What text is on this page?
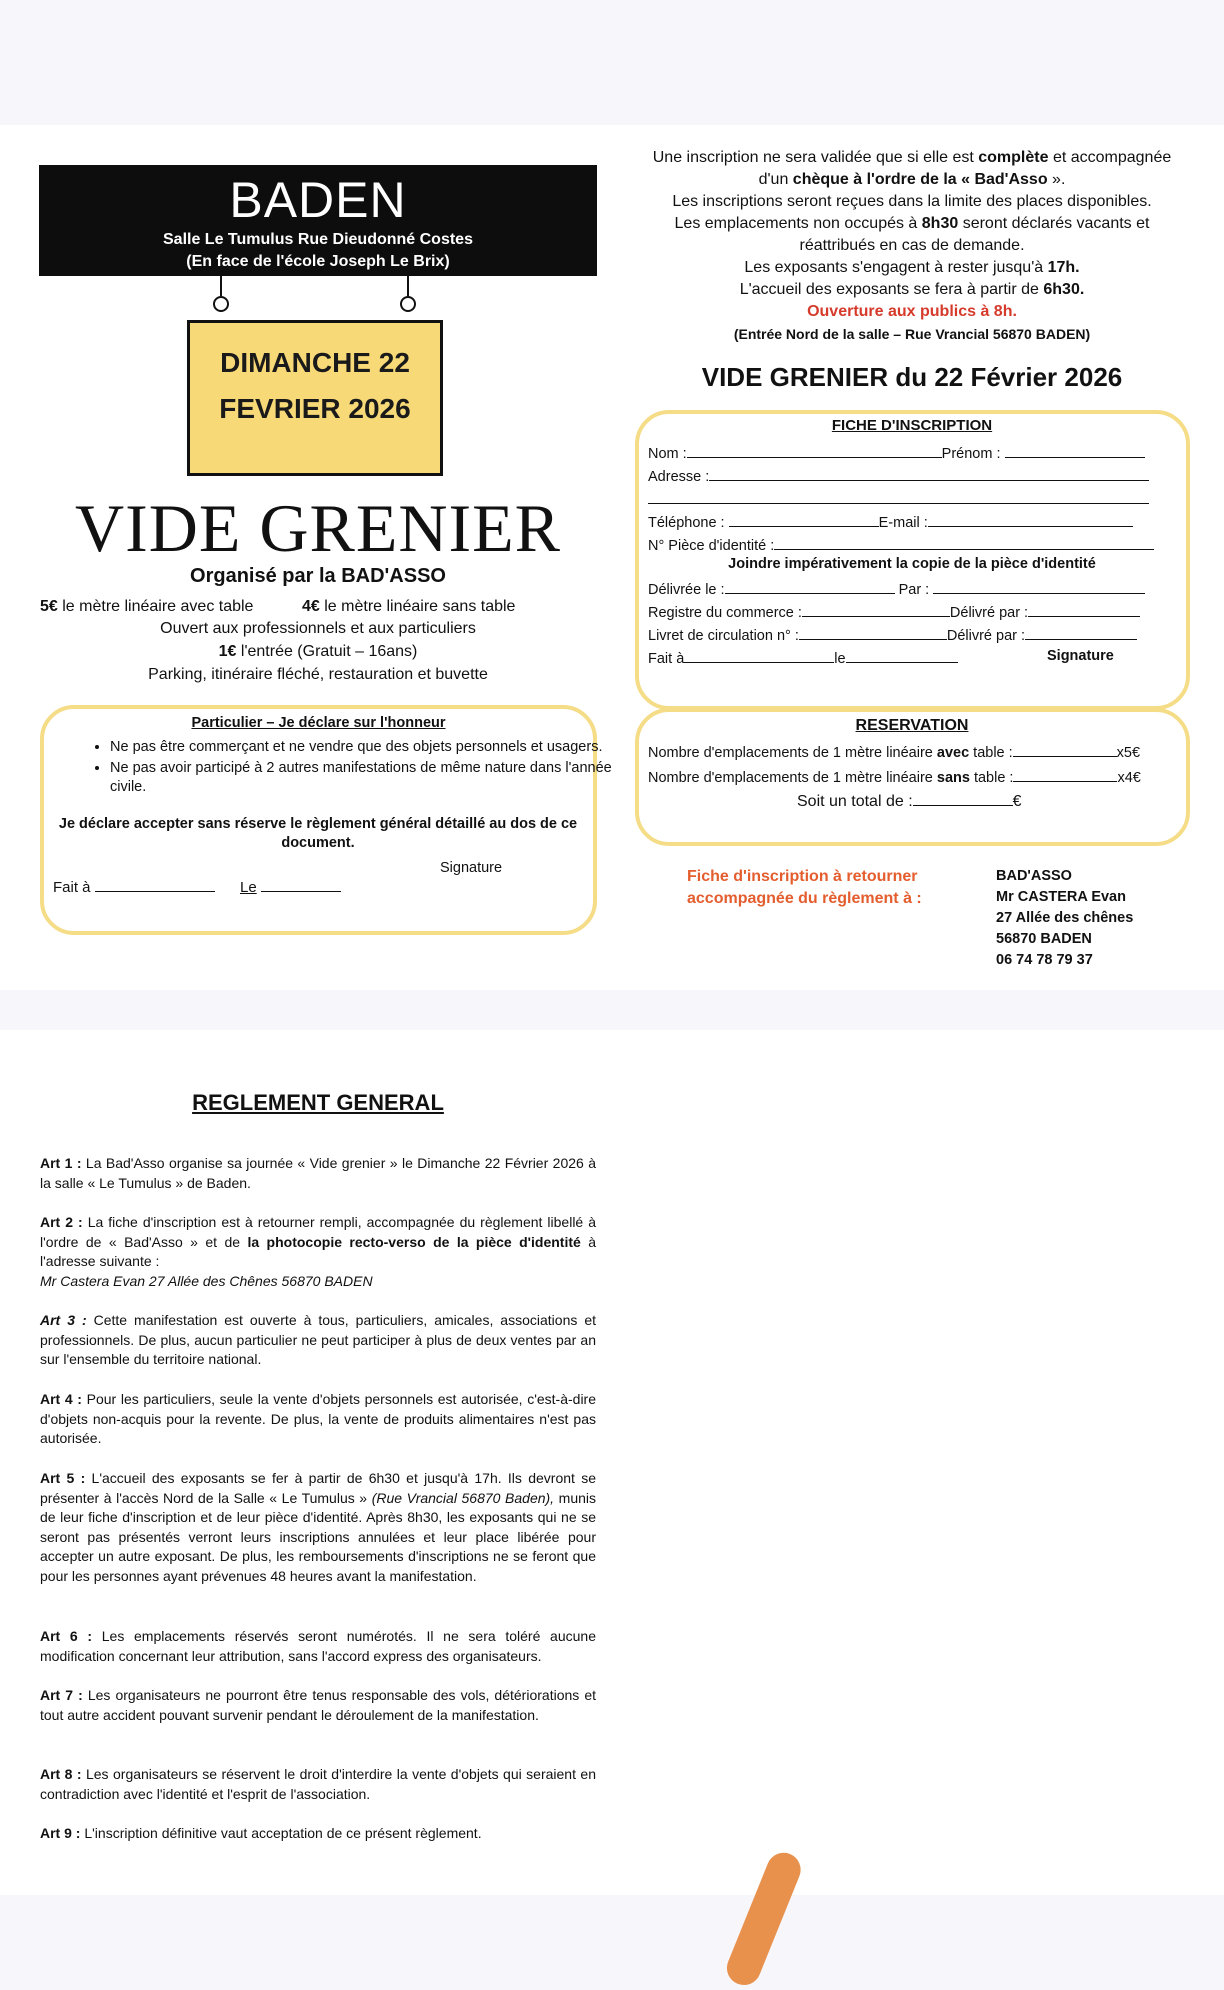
BADEN
Salle Le Tumulus Rue Dieudonné Costes
(En face de l'école Joseph Le Brix)
DIMANCHE 22
FEVRIER 2026
VIDE GRENIER
Organisé par la BAD'ASSO
5€ le mètre linéaire avec table	4€ le mètre linéaire sans table
Ouvert aux professionnels et aux particuliers
1€ l'entrée (Gratuit – 16ans)
Parking, itinéraire fléché, restauration et buvette
Particulier – Je déclare sur l'honneur
• Ne pas être commerçant et ne vendre que des objets personnels et usagers.
• Ne pas avoir participé à 2 autres manifestations de même nature dans l'année civile.
Je déclare accepter sans réserve le règlement général détaillé au dos de ce document.
Signature
Fait à	Le
Une inscription ne sera validée que si elle est complète et accompagnée
d'un chèque à l'ordre de la « Bad'Asso ».
Les inscriptions seront reçues dans la limite des places disponibles.
Les emplacements non occupés à 8h30 seront déclarés vacants et
réattribués en cas de demande.
Les exposants s'engagent à rester jusqu'à 17h.
L'accueil des exposants se fera à partir de 6h30.
Ouverture aux publics à 8h.
(Entrée Nord de la salle – Rue Vrancial 56870 BADEN)
VIDE GRENIER du 22 Février 2026
FICHE D'INSCRIPTION
Nom :	Prénom :
Adresse :
Téléphone :	E-mail :
N° Pièce d'identité :
Joindre impérativement la copie de la pièce d'identité
Délivrée le :	Par :
Registre du commerce :	Délivré par :
Livret de circulation n° :	Délivré par :
Fait à	le	Signature
RESERVATION
Nombre d'emplacements de 1 mètre linéaire avec table :	x5€
Nombre d'emplacements de 1 mètre linéaire sans table :	x4€
Soit un total de :	€
Fiche d'inscription à retourner
accompagnée du règlement à :
BAD'ASSO
Mr CASTERA Evan
27 Allée des chênes
56870 BADEN
06 74 78 79 37
REGLEMENT GENERAL

Art 1 : La Bad'Asso organise sa journée « Vide grenier » le Dimanche 22 Février 2026 à la salle « Le Tumulus » de Baden.

Art 2 : La fiche d'inscription est à retourner rempli, accompagnée du règlement libellé à l'ordre de « Bad'Asso » et de la photocopie recto-verso de la pièce d'identité à l'adresse suivante :
Mr Castera Evan 27 Allée des Chênes 56870 BADEN

Art 3 : Cette manifestation est ouverte à tous, particuliers, amicales, associations et professionnels. De plus, aucun particulier ne peut participer à plus de deux ventes par an sur l'ensemble du territoire national.

Art 4 : Pour les particuliers, seule la vente d'objets personnels est autorisée, c'est-à-dire d'objets non-acquis pour la revente. De plus, la vente de produits alimentaires n'est pas autorisée.

Art 5 : L'accueil des exposants se fer à partir de 6h30 et jusqu'à 17h. Ils devront se présenter à l'accès Nord de la Salle « Le Tumulus » (Rue Vrancial 56870 Baden), munis de leur fiche d'inscription et de leur pièce d'identité. Après 8h30, les exposants qui ne se seront pas présentés verront leurs inscriptions annulées et leur place libérée pour accepter un autre exposant. De plus, les remboursements d'inscriptions ne se feront que pour les personnes ayant prévenues 48 heures avant la manifestation.

Art 6 : Les emplacements réservés seront numérotés. Il ne sera toléré aucune modification concernant leur attribution, sans l'accord express des organisateurs.

Art 7 : Les organisateurs ne pourront être tenus responsable des vols, détériorations et tout autre accident pouvant survenir pendant le déroulement de la manifestation.

Art 8 : Les organisateurs se réservent le droit d'interdire la vente d'objets qui seraient en contradiction avec l'identité et l'esprit de l'association.

Art 9 : L'inscription définitive vaut acceptation de ce présent règlement.
